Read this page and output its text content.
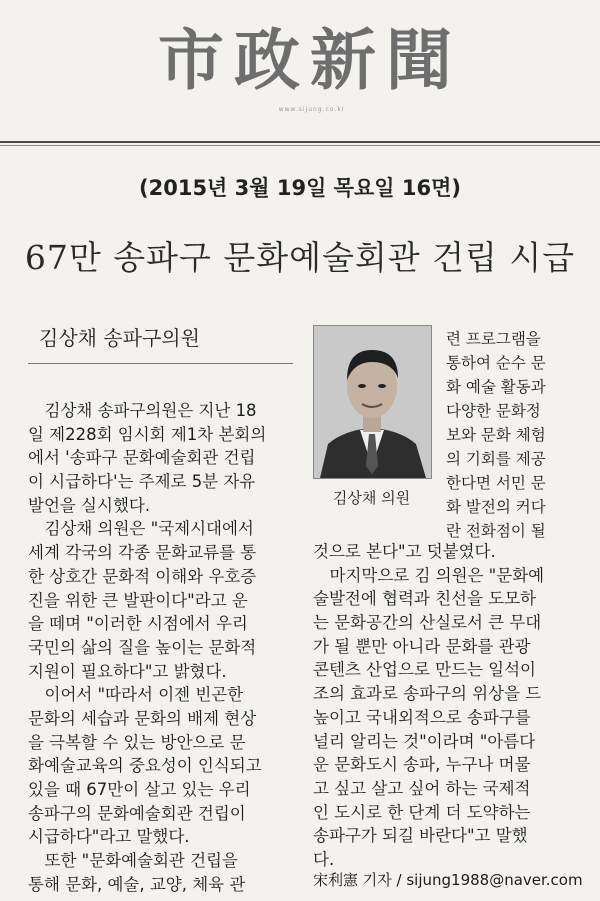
市政新聞
www.sijung.co.kr
(2015년 3월 19일 목요일 16면)
67만 송파구 문화예술회관 건립 시급
김상채 송파구의원
김상채 의원
　김상채 송파구의원은 지난 18
일 제228회 임시회 제1차 본회의
에서 '송파구 문화예술회관 건립
이 시급하다'는 주제로 5분 자유
발언을 실시했다.
　김상채 의원은 "국제시대에서
세계 각국의 각종 문화교류를 통
한 상호간 문화적 이해와 우호증
진을 위한 큰 발판이다"라고 운
을 떼며 "이러한 시점에서 우리
국민의 삶의 질을 높이는 문화적
지원이 필요하다"고 밝혔다.
　이어서 "따라서 이젠 빈곤한
문화의 세습과 문화의 배제 현상
을 극복할 수 있는 방안으로 문
화예술교육의 중요성이 인식되고
있을 때 67만이 살고 있는 우리
송파구의 문화예술회관 건립이
시급하다"라고 말했다.
　또한 "문화예술회관 건립을
통해 문화, 예술, 교양, 체육 관
련 프로그램을
통하여 순수 문
화 예술 활동과
다양한 문화정
보와 문화 체험
의 기회를 제공
한다면 서민 문
화 발전의 커다
란 전화점이 될
것으로 본다"고 덧붙였다.
　마지막으로 김 의원은 "문화예
술발전에 협력과 친선을 도모하
는 문화공간의 산실로서 큰 무대
가 될 뿐만 아니라 문화를 관광
콘텐츠 산업으로 만드는 일석이
조의 효과로 송파구의 위상을 드
높이고 국내외적으로 송파구를
널리 알리는 것"이라며 "아름다
운 문화도시 송파, 누구나 머물
고 싶고 살고 싶어 하는 국제적
인 도시로 한 단계 더 도약하는
송파구가 되길 바란다"고 말했
다.
宋利憲 기자 / sijung1988@naver.com
